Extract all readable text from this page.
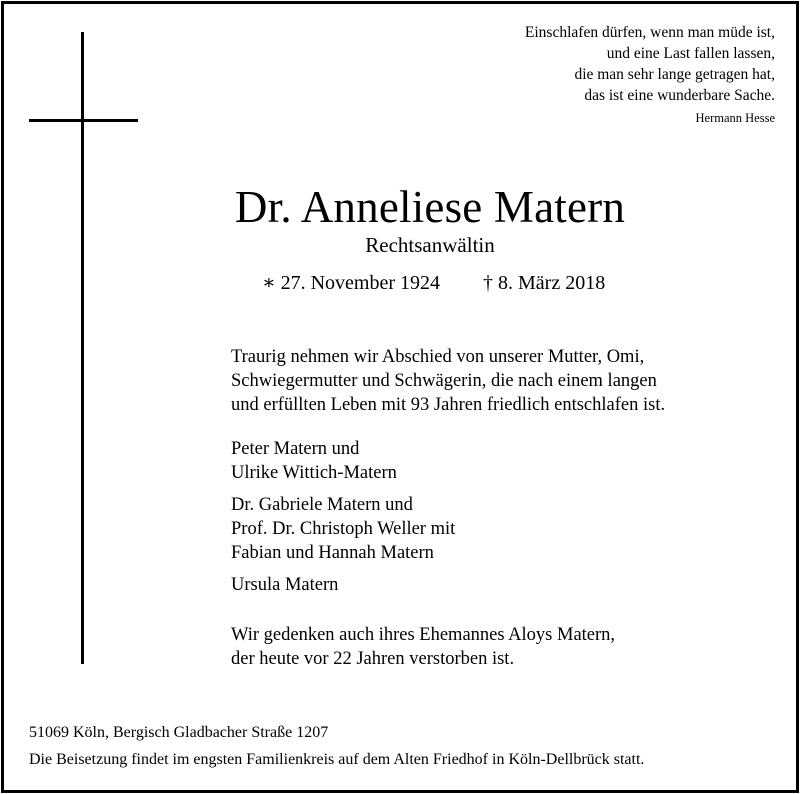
Einschlafen dürfen, wenn man müde ist,
und eine Last fallen lassen,
die man sehr lange getragen hat,
das ist eine wunderbare Sache.
Hermann Hesse
Dr. Anneliese Matern
Rechtsanwältin
∗ 27. November 1924 † 8. März 2018

Traurig nehmen wir Abschied von unserer Mutter, Omi,

Schwiegermutter und Schwägerin, die nach einem langen

und erfüllten Leben mit 93 Jahren friedlich entschlafen ist.

Peter Matern und
Ulrike Wittich-Matern
Dr. Gabriele Matern und
Prof. Dr. Christoph Weller mit
Fabian und Hannah Matern
Ursula Matern
Wir gedenken auch ihres Ehemannes Aloys Matern,
der heute vor 22 Jahren verstorben ist.
51069 Köln, Bergisch Gladbacher Straße 1207
Die Beisetzung findet im engsten Familienkreis auf dem Alten Friedhof in Köln-Dellbrück statt.
